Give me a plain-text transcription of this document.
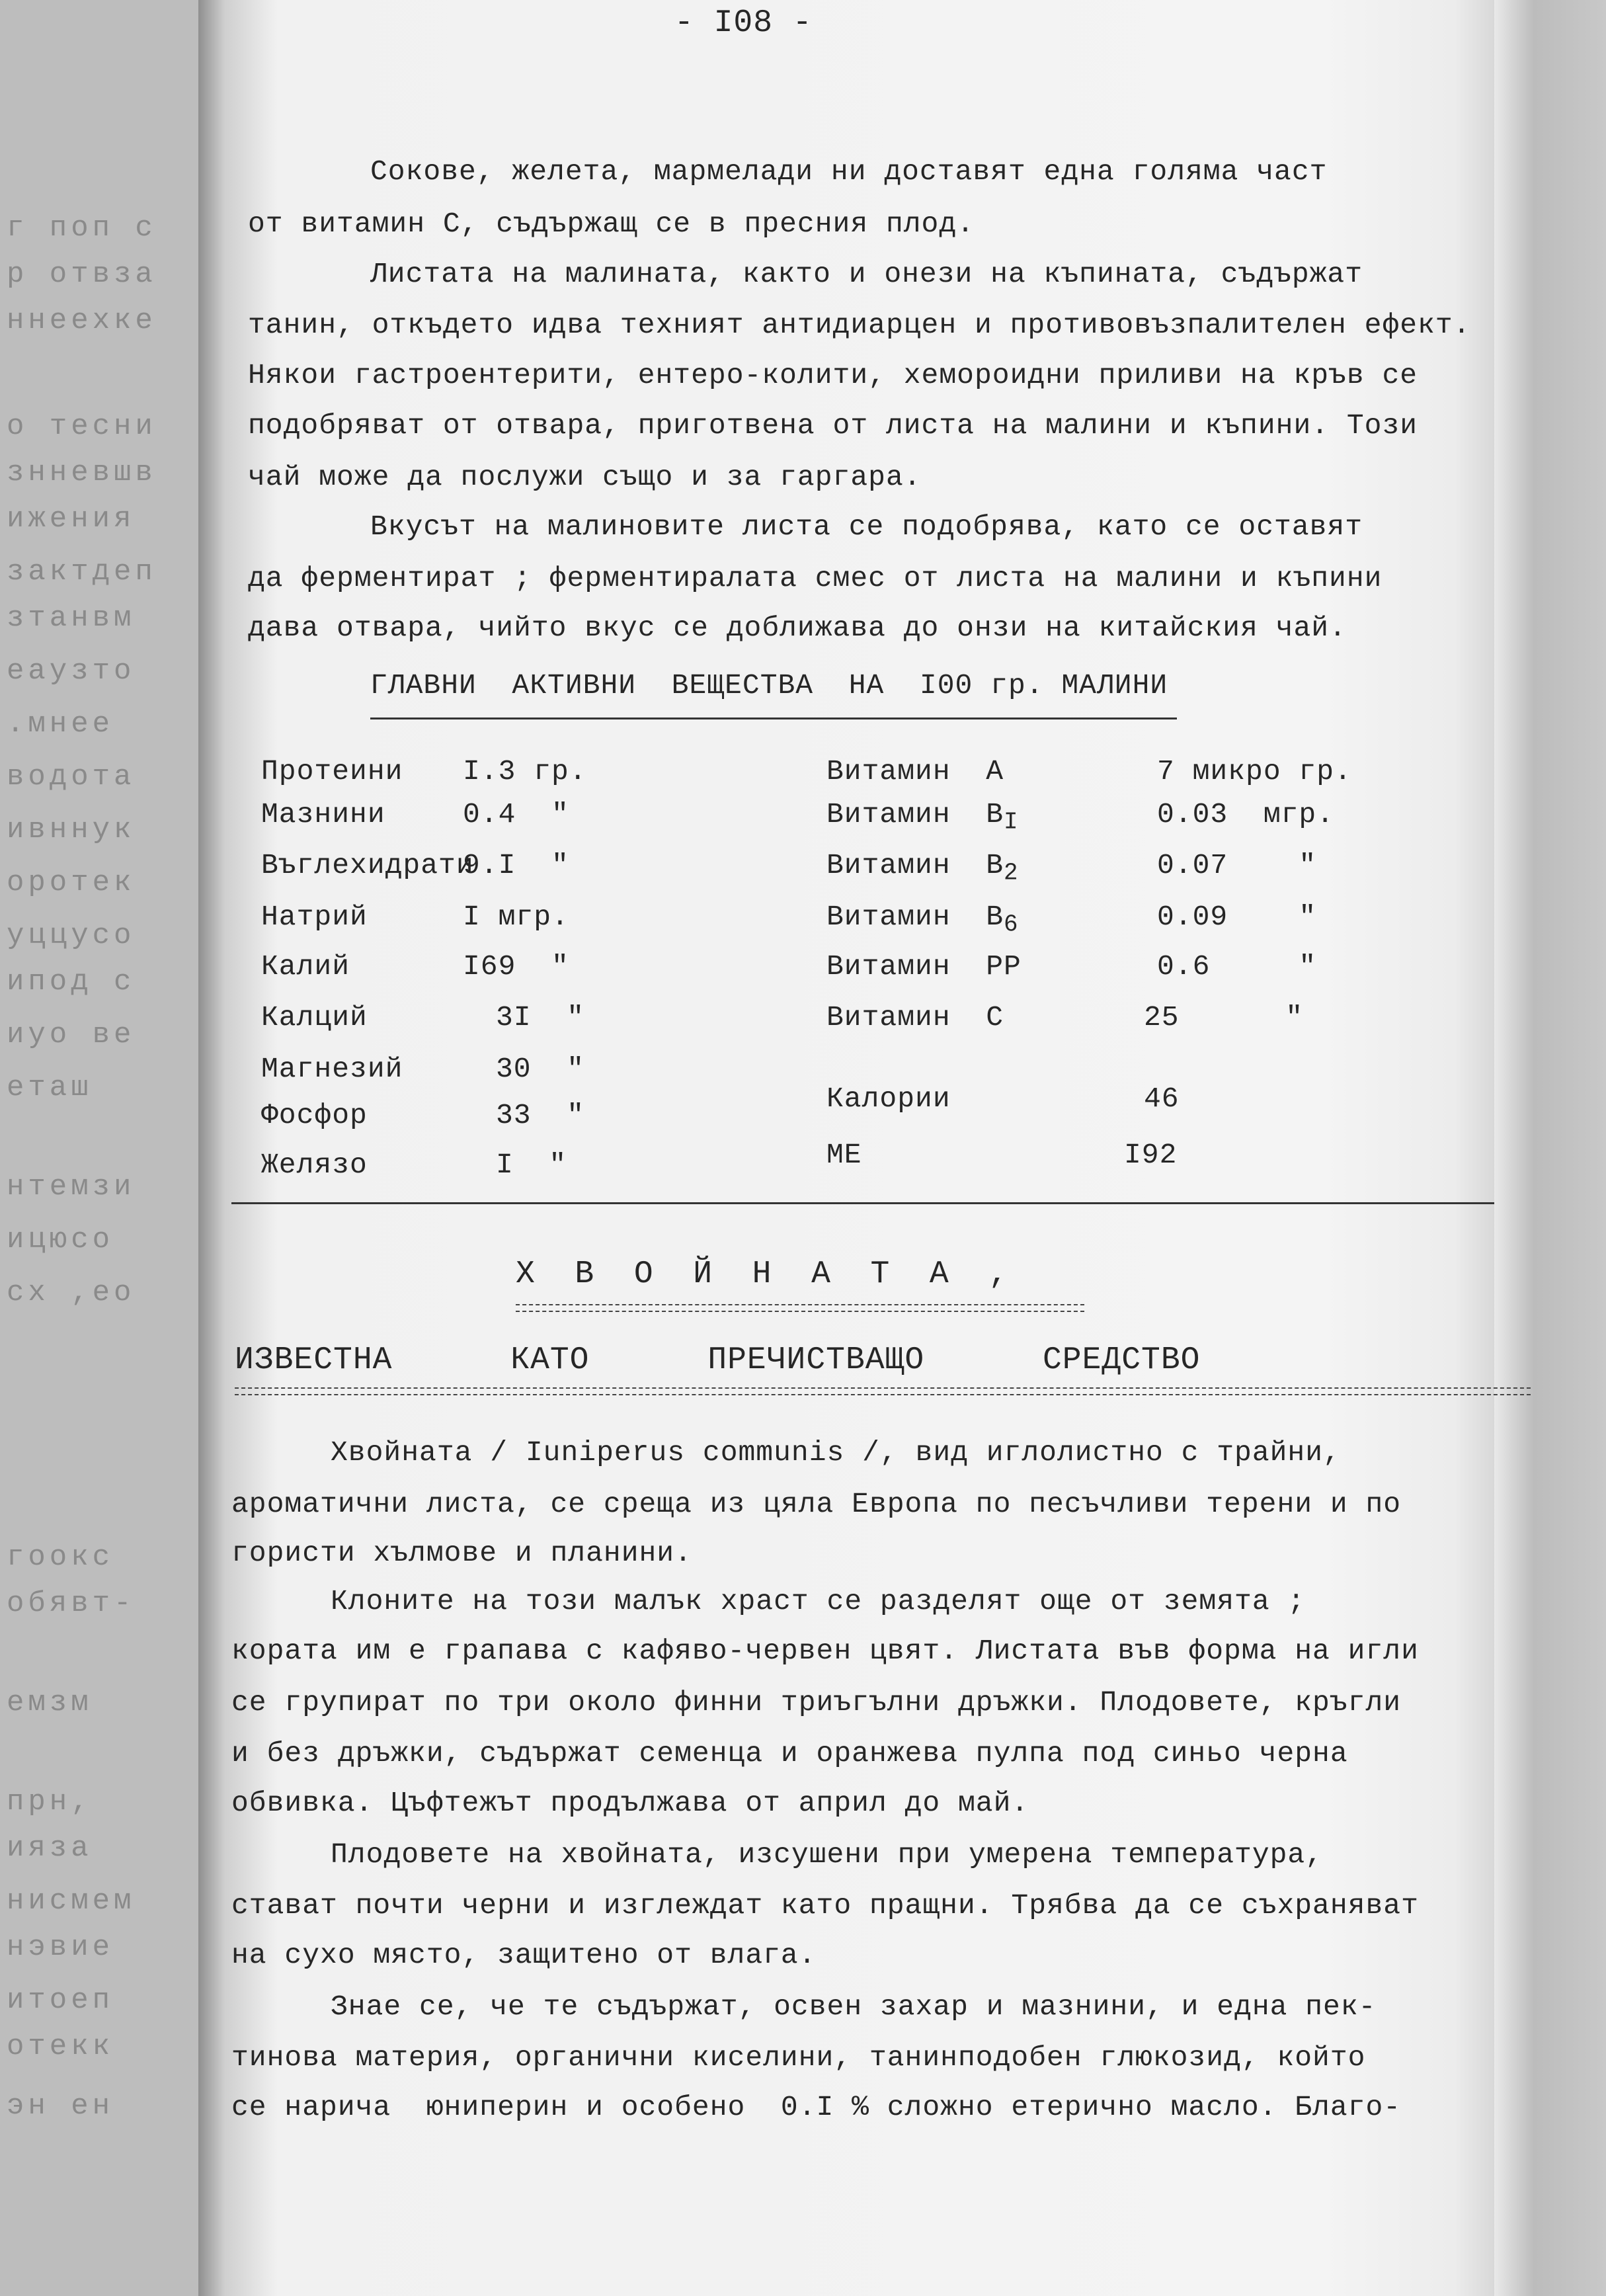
г поп с
р отвза
ннеехке
о тесни
знневшв
ижения
зактдеп
зтанвм
еаузто
.мнее
водота
ивннук
оротек
уццусо
ипод с
иуо ве
еташ
нтемзи
ицюсо
сх ,ео
гоокс
обявт-
емзм
прн,
ияза
нисмем
нэвие
итоеп
отекк
эн ен
- I08 -
Сокове, желета, мармелади ни доставят една голяма част
от витамин С, съдържащ се в пресния плод.
Листата на малината, както и онези на къпината, съдържат
танин, откъдето идва техният антидиарцен и противовъзпалителен ефект.
Някои гастроентерити, ентеро-колити, хемороидни приливи на кръв се
подобряват от отвара, приготвена от листа на малини и къпини. Този
чай може да послужи също и за гаргара.
Вкусът на малиновите листа се подобрява, като се оставят
да ферментират ; ферментиралата смес от листа на малини и къпини
дава отвара, чийто вкус се доближава до онзи на китайския чай.
ГЛАВНИ  АКТИВНИ  ВЕЩЕСТВА  НА  I00 гр. МАЛИНИ
Протеини
Мазнини
Въглехидрати
Натрий
Калий
Калций
Магнезий
Фосфор
Желязо
I.3 гр.
0.4  "
9.I  "
I мгр.
I69  "
3I  "
30  "
33  "
I  "
Витамин  А
Витамин  $B_I$
Витамин  $B_2$
Витамин  $B_6$
Витамин  PP
Витамин  С
Калории
МЕ
7 микро гр.
0.03  мгр.
0.07    "
0.09    "
0.6     "
25      "
46
I92
Х  В  О  Й  Н  А  Т  А  ,
ИЗВЕСТНА      КАТО      ПРЕЧИСТВАЩО      СРЕДСТВО
Хвойната / Iuniperus communis /, вид иглолистно с трайни,
ароматични листа, се среща из цяла Европа по песъчливи терени и по
гористи хълмове и планини.
Клоните на този малък храст се разделят още от земята ;
кората им е грапава с кафяво-червен цвят. Листата във форма на игли
се групират по три около финни триъгълни дръжки. Плодовете, кръгли
и без дръжки, съдържат семенца и оранжева пулпа под синьо черна
обвивка. Цъфтежът продължава от април до май.
Плодовете на хвойната, изсушени при умерена температура,
стават почти черни и изглеждат като пращни. Трябва да се съхраняват
на сухо място, защитено от влага.
Знае се, че те съдържат, освен захар и мазнини, и една пек-
тинова материя, органични киселини, танинподобен глюкозид, който
се нарича  юниперин и особено  0.I % сложно етерично масло. Благо-
